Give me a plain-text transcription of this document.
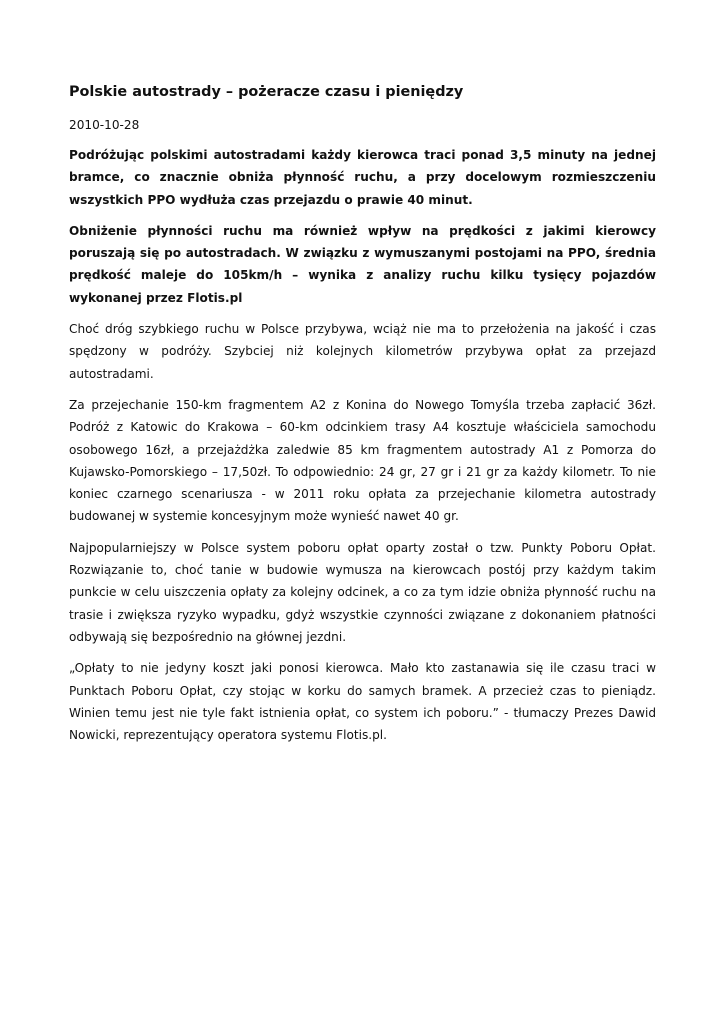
Polskie autostrady – pożeracze czasu i pieniędzy
2010-10-28

Podróżując polskimi autostradami każdy kierowca traci ponad 3,5 minuty na jednej bramce, co znacznie obniża płynność ruchu, a przy docelowym rozmieszczeniu wszystkich PPO wydłuża czas przejazdu o prawie 40 minut.

Obniżenie płynności ruchu ma również wpływ na prędkości z jakimi kierowcy poruszają się po autostradach. W związku z wymuszanymi postojami na PPO, średnia prędkość maleje do 105km/h – wynika z analizy ruchu kilku tysięcy pojazdów wykonanej przez Flotis.pl

Choć dróg szybkiego ruchu w Polsce przybywa, wciąż nie ma to przełożenia na jakość i czas spędzony w podróży. Szybciej niż kolejnych kilometrów przybywa opłat za przejazd autostradami.

Za przejechanie 150-km fragmentem A2 z Konina do Nowego Tomyśla trzeba zapłacić 36zł. Podróż z Katowic do Krakowa – 60-km odcinkiem trasy A4 kosztuje właściciela samochodu osobowego 16zł, a przejażdżka zaledwie 85 km fragmentem autostrady A1 z Pomorza do Kujawsko-Pomorskiego – 17,50zł. To odpowiednio: 24 gr, 27 gr i 21 gr za każdy kilometr. To nie koniec czarnego scenariusza - w 2011 roku opłata za przejechanie kilometra autostrady budowanej w systemie koncesyjnym może wynieść nawet 40 gr.

Najpopularniejszy w Polsce system poboru opłat oparty został o tzw. Punkty Poboru Opłat. Rozwiązanie to, choć tanie w budowie wymusza na kierowcach postój przy każdym takim punkcie w celu uiszczenia opłaty za kolejny odcinek, a co za tym idzie obniża płynność ruchu na trasie i zwiększa ryzyko wypadku, gdyż wszystkie czynności związane z dokonaniem płatności odbywają się bezpośrednio na głównej jezdni.

„Opłaty to nie jedyny koszt jaki ponosi kierowca. Mało kto zastanawia się ile czasu traci w Punktach Poboru Opłat, czy stojąc w korku do samych bramek. A przecież czas to pieniądz. Winien temu jest nie tyle fakt istnienia opłat, co system ich poboru.” - tłumaczy Prezes Dawid Nowicki, reprezentujący operatora systemu Flotis.pl.
